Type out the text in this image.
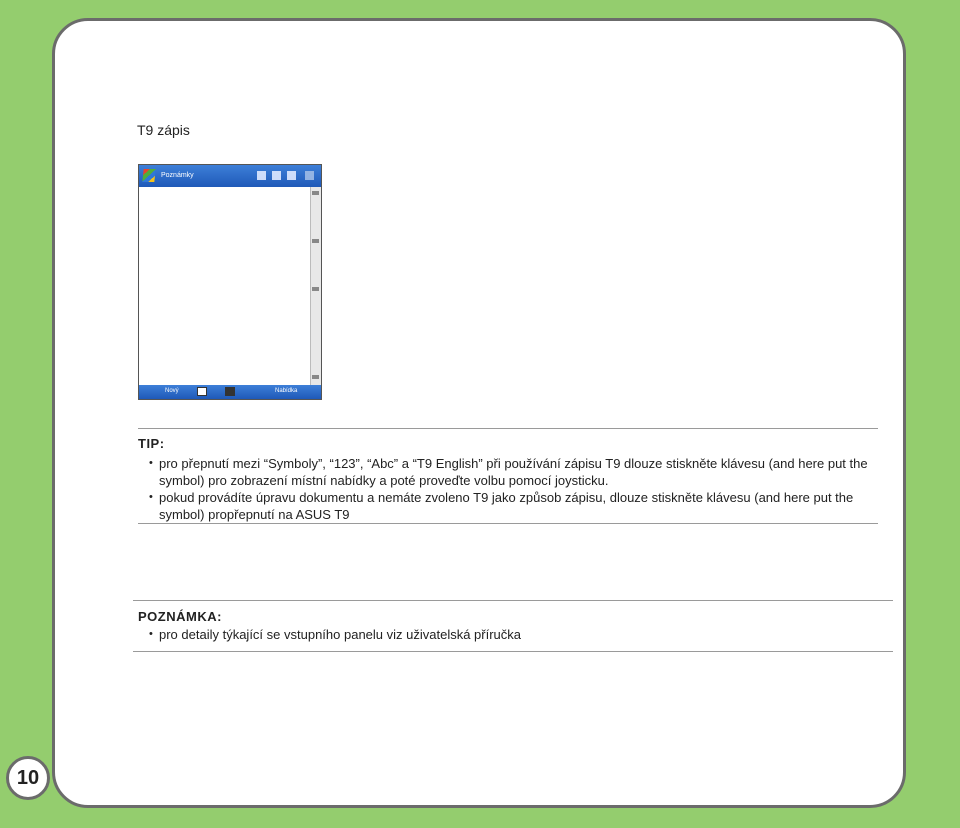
T9 zápis
Poznámky
Nový	Nabídka
TIP:
• pro přepnutí mezi “Symboly”, “123”, “Abc” a “T9 English” při používání zápisu T9 dlouze stiskněte klávesu (and here put the symbol) pro zobrazení místní nabídky a poté proveďte volbu pomocí joysticku.
• pokud provádíte úpravu dokumentu a nemáte zvoleno T9 jako způsob zápisu, dlouze stiskněte klávesu (and here put the symbol) propřepnutí na ASUS T9
POZNÁMKA:
• pro detaily týkající se vstupního panelu viz uživatelská příručka
10
